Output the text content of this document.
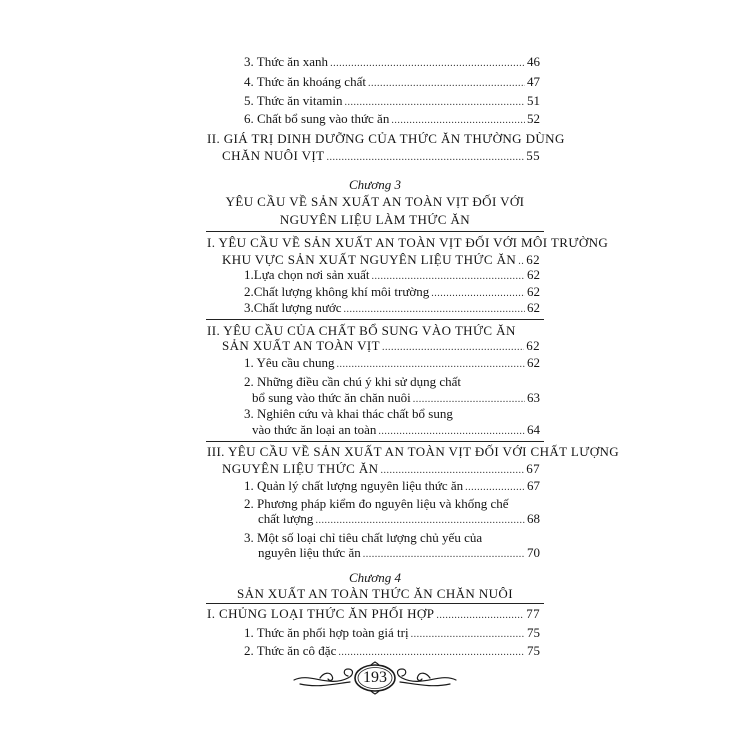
3. Thức ăn xanh .....	46
4. Thức ăn khoáng chất .....	47
5. Thức ăn vitamin .....	51
6. Chất bổ sung vào thức ăn .....	52
II. GIÁ TRỊ DINH DƯỠNG CỦA THỨC ĂN THƯỜNG DÙNG
CHĂN NUÔI VỊT .....	55
Chương 3
YÊU CẦU VỀ SẢN XUẤT AN TOÀN VỊT ĐỐI VỚI
NGUYÊN LIỆU LÀM THỨC ĂN
I. YÊU CẦU VỀ SẢN XUẤT AN TOÀN VỊT ĐỐI VỚI MÔI TRƯỜNG
KHU VỰC SẢN XUẤT NGUYÊN LIỆU THỨC ĂN ..... 62
1.Lựa chọn nơi sản xuất .....	62
2.Chất lượng không khí môi trường .....	62
3.Chất lượng nước .....	62
II. YÊU CẦU CỦA CHẤT BỔ SUNG VÀO THỨC ĂN
SẢN XUẤT AN TOÀN VỊT .....	62
1. Yêu cầu chung .....	62
2. Những điều cần chú ý khi sử dụng chất
bổ sung vào thức ăn chăn nuôi .....	63
3. Nghiên cứu và khai thác chất bổ sung
vào thức ăn loại an toàn .....	64
III. YÊU CẦU VỀ SẢN XUẤT AN TOÀN VỊT ĐỐI VỚI CHẤT LƯỢNG
NGUYÊN LIỆU THỨC ĂN .....	67
1. Quản lý chất lượng nguyên liệu thức ăn .....	67
2. Phương pháp kiểm đo nguyên liệu và khống chế
chất lượng .....	68
3. Một số loại chỉ tiêu chất lượng chủ yếu của
nguyên liệu thức ăn .....	70
Chương 4
SẢN XUẤT AN TOÀN THỨC ĂN CHĂN NUÔI
I. CHỦNG LOẠI THỨC ĂN PHỐI HỢP .....	77
1. Thức ăn phối hợp toàn giá trị .....	75
2. Thức ăn cô đặc .....	75
193
